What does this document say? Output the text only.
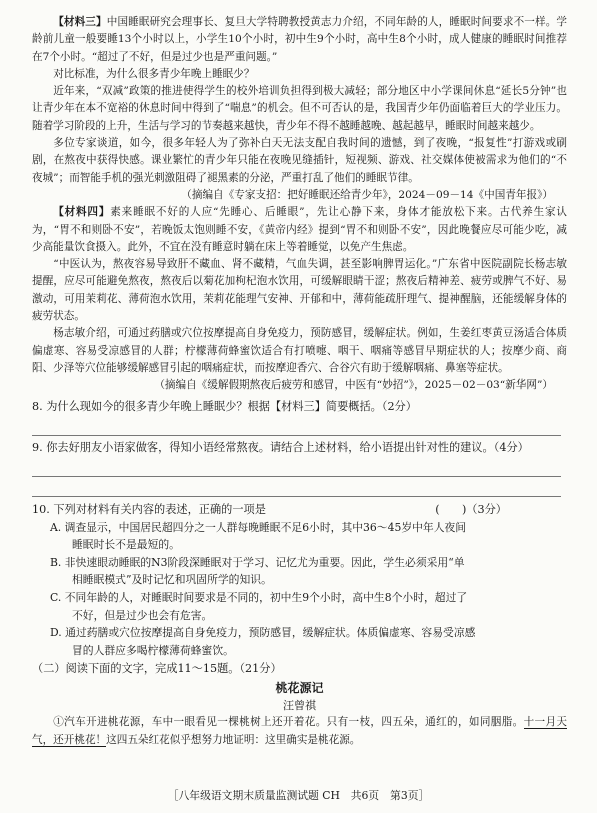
【材料三】中国睡眠研究会理事长、复旦大学特聘教授黄志力介绍，不同年龄的人，睡眠时间要求不一样。学龄前儿童一般要睡13个小时以上，小学生10个小时，初中生9个小时，高中生8个小时，成人健康的睡眠时间推荐在7个小时。“超过了不好，但是过少也是严重问题。”

对比标准，为什么很多青少年晚上睡眠少？

近年来，“双减”政策的推进使得学生的校外培训负担得到极大减轻；部分地区中小学课间休息“延长5分钟”也让青少年在本不宽裕的休息时间中得到了“喘息”的机会。但不可否认的是，我国青少年仍面临着巨大的学业压力。随着学习阶段的上升，生活与学习的节奏越来越快，青少年不得不越睡越晚、越起越早，睡眠时间越来越少。

多位专家谈道，如今，很多年轻人为了弥补白天无法支配自我时间的遗憾，到了夜晚，“报复性”打游戏或刷剧，在熬夜中获得快感。课业繁忙的青少年只能在夜晚见缝插针，短视频、游戏、社交媒体使被需求为他们的“不夜城”；而智能手机的强光刺激阻碍了褪黑素的分泌，严重打乱了他们的睡眠节律。

（摘编自《专家支招：把好睡眠还给青少年》，2024－09－14《中国青年报》）

【材料四】素来睡眠不好的人应“先睡心、后睡眼”，先让心静下来，身体才能放松下来。古代养生家认为，“胃不和则卧不安”，若晚饭太饱则睡不安，《黄帝内经》提到“胃不和则卧不安”，因此晚餐应尽可能少吃，减少高能量饮食摄入。此外，不宜在没有睡意时躺在床上等着睡觉，以免产生焦虑。

“中医认为，熬夜容易导致肝不藏血、肾不藏精，气血失调，甚至影响脾胃运化。”广东省中医院副院长杨志敏提醒，应尽可能避免熬夜，熬夜后以菊花加枸杞泡水饮用，可缓解眼睛干涩；熬夜后精神差、疲劳或脾气不好、易激动，可用茉莉花、薄荷泡水饮用，茉莉花能理气安神、开郁和中，薄荷能疏肝理气、提神醒脑，还能缓解身体的疲劳状态。

杨志敏介绍，可通过药膳或穴位按摩提高自身免疫力，预防感冒，缓解症状。例如，生姜红枣黄豆汤适合体质偏虚寒、容易受凉感冒的人群；柠檬薄荷蜂蜜饮适合有打喷嚏、咽干、咽痛等感冒早期症状的人；按摩少商、商阳、少泽等穴位能够缓解感冒引起的咽痛症状，而按摩迎香穴、合谷穴有助于缓解咽痛、鼻塞等症状。

（摘编自《缓解假期熬夜后疲劳和感冒，中医有“妙招”》，2025－02－03“新华网”）

8. 为什么现如今的很多青少年晚上睡眠少？根据【材料三】简要概括。（2分）
9. 你去好朋友小语家做客，得知小语经常熬夜。请结合上述材料，给小语提出针对性的建议。（4分）
10. 下列对材料有关内容的表述，正确的一项是	(　　)（3分）
A. 调查显示，中国居民超四分之一人群每晚睡眠不足6小时，其中36～45岁中年人夜间
睡眠时长不是最短的。
B. 非快速眼动睡眠的N3阶段深睡眠对于学习、记忆尤为重要。因此，学生必须采用“单
相睡眠模式”及时记忆和巩固所学的知识。
C. 不同年龄的人，对睡眠时间要求是不同的，初中生9个小时，高中生8个小时，超过了
不好，但是过少也会有危害。
D. 通过药膳或穴位按摩提高自身免疫力，预防感冒，缓解症状。体质偏虚寒、容易受凉感
冒的人群应多喝柠檬薄荷蜂蜜饮。
（二）阅读下面的文字，完成11～15题。（21分）
桃花源记
汪曾祺

①汽车开进桃花源，车中一眼看见一棵桃树上还开着花。只有一枝，四五朵，通红的，如同胭脂。十一月天气，还开桃花！这四五朵红花似乎想努力地证明：这里确实是桃花源。

［八年级语文期末质量监测试题 CH　共6页　第3页］
